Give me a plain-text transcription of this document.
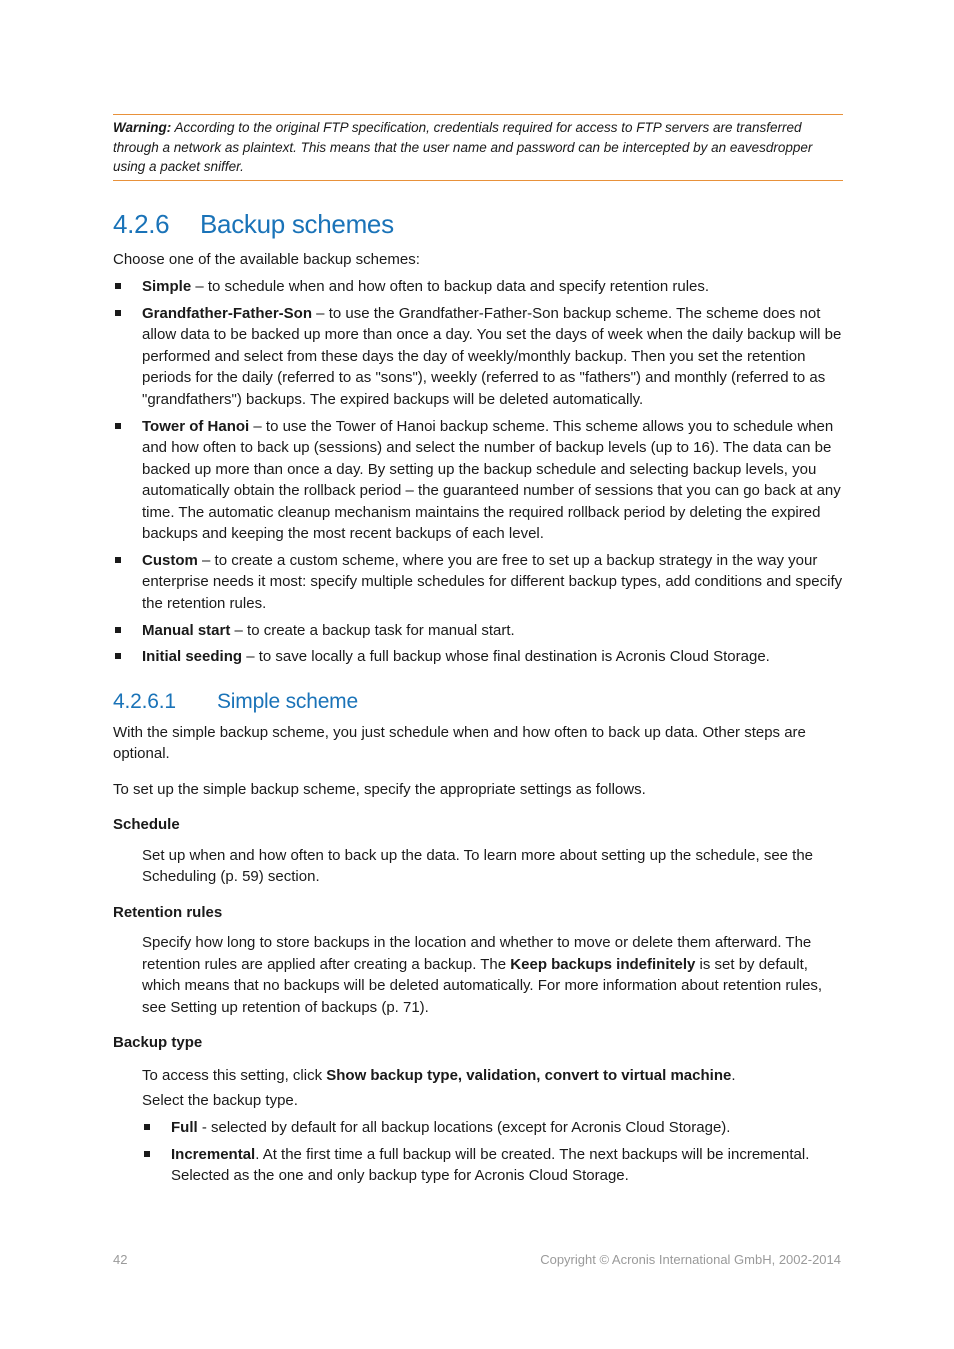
Warning: According to the original FTP specification, credentials required for access to FTP servers are transferred through a network as plaintext. This means that the user name and password can be intercepted by an eavesdropper using a packet sniffer.
4.2.6 Backup schemes

Choose one of the available backup schemes:

Simple – to schedule when and how often to backup data and specify retention rules.
Grandfather-Father-Son – to use the Grandfather-Father-Son backup scheme. The scheme does not allow data to be backed up more than once a day. You set the days of week when the daily backup will be performed and select from these days the day of weekly/monthly backup. Then you set the retention periods for the daily (referred to as "sons"), weekly (referred to as "fathers") and monthly (referred to as "grandfathers") backups. The expired backups will be deleted automatically.
Tower of Hanoi – to use the Tower of Hanoi backup scheme. This scheme allows you to schedule when and how often to back up (sessions) and select the number of backup levels (up to 16). The data can be backed up more than once a day. By setting up the backup schedule and selecting backup levels, you automatically obtain the rollback period – the guaranteed number of sessions that you can go back at any time. The automatic cleanup mechanism maintains the required rollback period by deleting the expired backups and keeping the most recent backups of each level.
Custom – to create a custom scheme, where you are free to set up a backup strategy in the way your enterprise needs it most: specify multiple schedules for different backup types, add conditions and specify the retention rules.
Manual start – to create a backup task for manual start.
Initial seeding – to save locally a full backup whose final destination is Acronis Cloud Storage.
4.2.6.1 Simple scheme

With the simple backup scheme, you just schedule when and how often to back up data. Other steps are optional.

To set up the simple backup scheme, specify the appropriate settings as follows.

Schedule

Set up when and how often to back up the data. To learn more about setting up the schedule, see the Scheduling (p. 59) section.

Retention rules

Specify how long to store backups in the location and whether to move or delete them afterward. The retention rules are applied after creating a backup. The Keep backups indefinitely is set by default, which means that no backups will be deleted automatically. For more information about retention rules, see Setting up retention of backups (p. 71).

Backup type

To access this setting, click Show backup type, validation, convert to virtual machine.

Select the backup type.

Full - selected by default for all backup locations (except for Acronis Cloud Storage).
Incremental. At the first time a full backup will be created. The next backups will be incremental. Selected as the one and only backup type for Acronis Cloud Storage.
42	Copyright © Acronis International GmbH, 2002-2014
